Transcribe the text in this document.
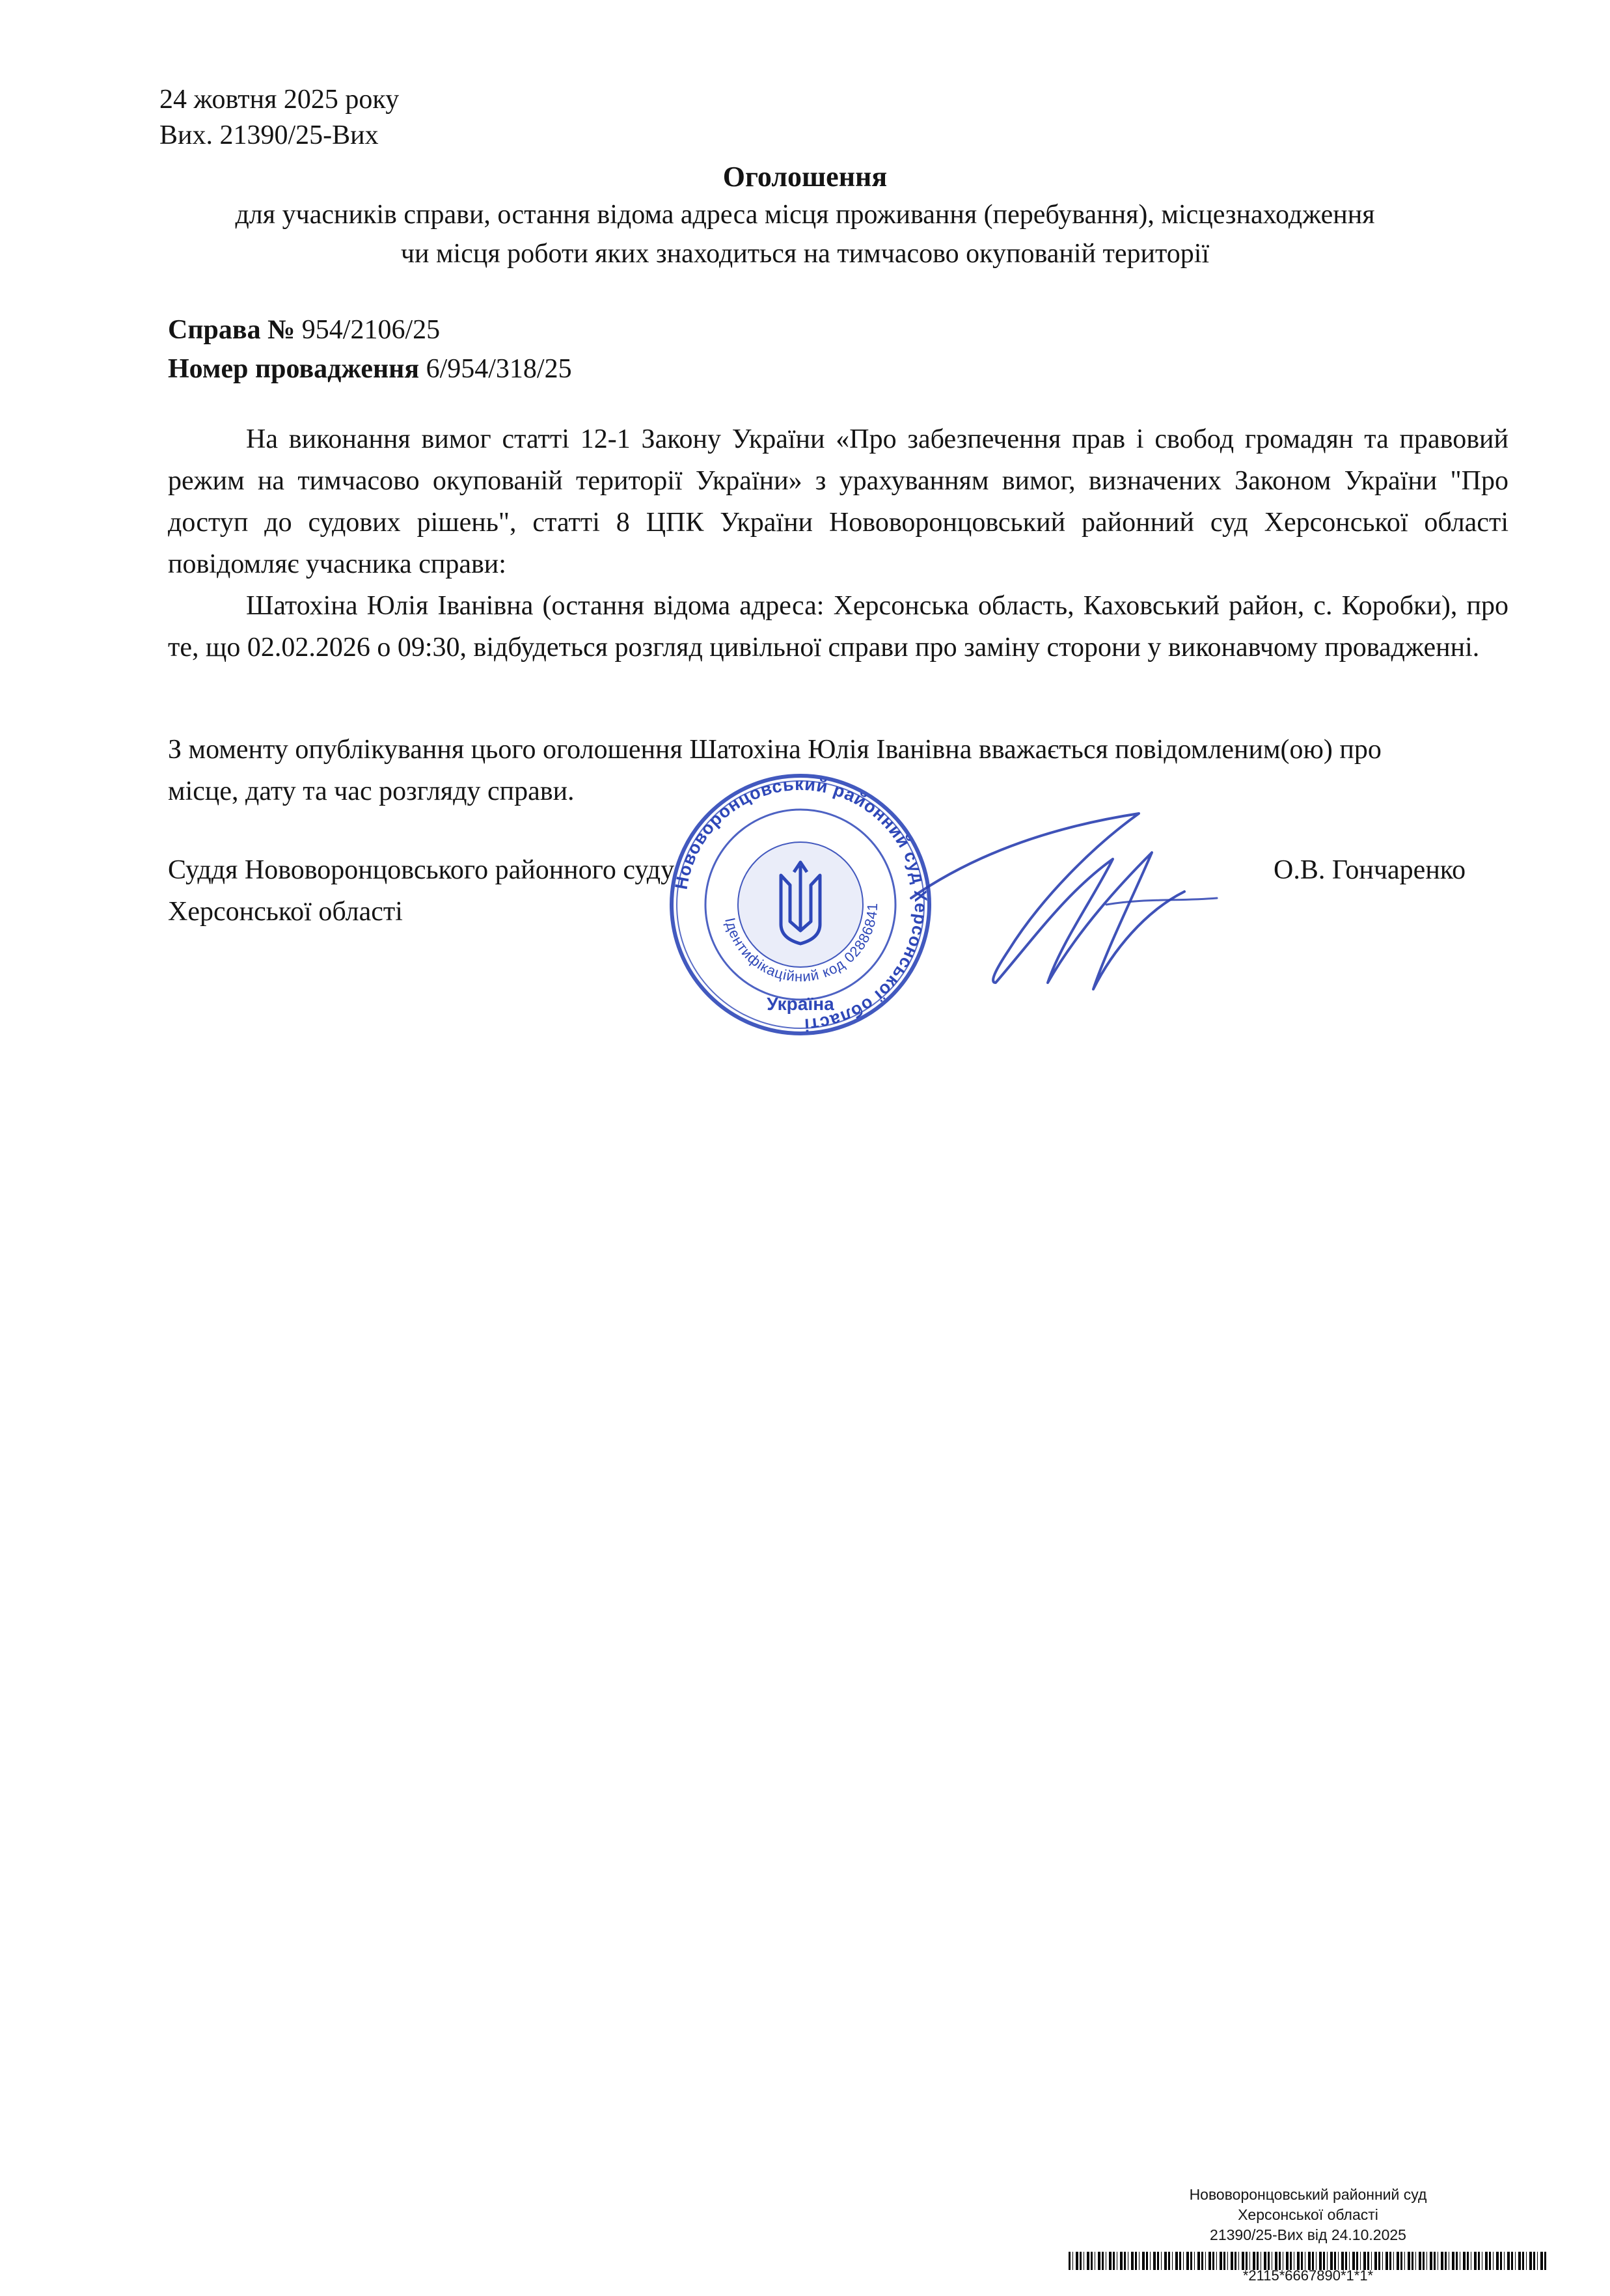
24 жовтня 2025 року
Вих. 21390/25-Вих
Оголошення
для учасників справи, остання відома адреса місця проживання (перебування), місцезнаходження
чи місця роботи яких знаходиться на тимчасово окупованій території
Справа № 954/2106/25
Номер провадження 6/954/318/25

На виконання вимог статті 12-1 Закону України «Про забезпечення прав і свобод громадян та правовий режим на тимчасово окупованій території України» з урахуванням вимог, визначених Законом України "Про доступ до судових рішень", статті 8 ЦПК України Нововоронцовський районний суд Херсонської області повідомляє учасника справи:

Шатохіна Юлія Іванівна (остання відома адреса: Херсонська область, Каховський район, с. Коробки), про те, що 02.02.2026 о 09:30, відбудеться розгляд цивільної справи про заміну сторони у виконавчому провадженні.

З моменту опублікування цього оголошення Шатохіна Юлія Іванівна вважається повідомленим(ою) про місце, дату та час розгляду справи.
Суддя Нововоронцовського районного суду
Херсонської області
О.В. Гончаренко
Нововоронцовський районний суд Херсонської області
Ідентифікаційний код 02886841
Україна
Нововоронцовський районний суд
Херсонської області
21390/25-Вих від 24.10.2025
*2115*6667890*1*1*
